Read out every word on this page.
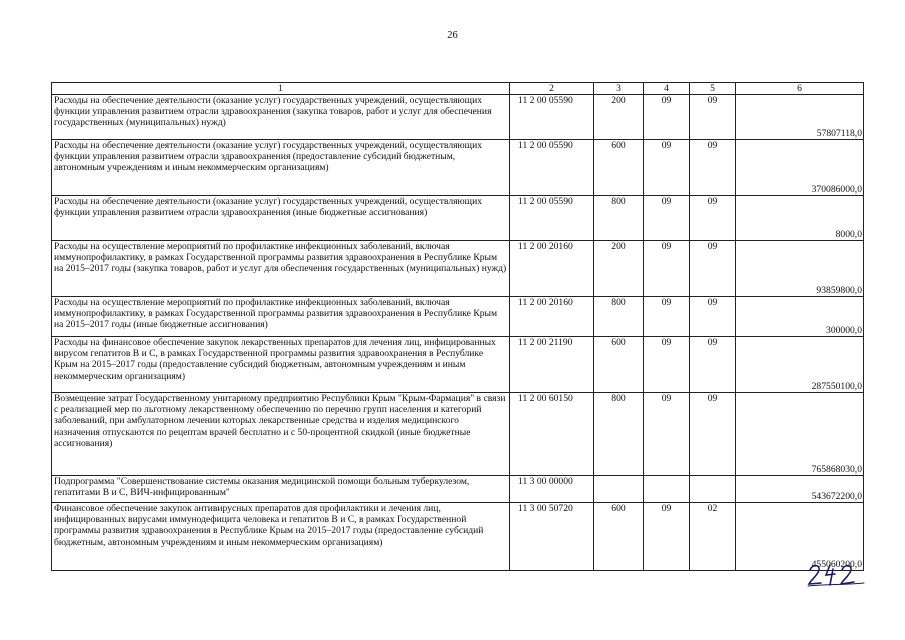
26
1	2	3	4	5	6
Расходы на обеспечение деятельности (оказание услуг) государственных учреждений, осуществляющих функции управления развитием отрасли здравоохранения (закупка товаров, работ и услуг для обеспечения государственных (муниципальных) нужд)	11 2 00 05590	200	09	09	57807118,0
Расходы на обеспечение деятельности (оказание услуг) государственных учреждений, осуществляющих функции управления развитием отрасли здравоохранения (предоставление субсидий бюджетным, автономным учреждениям и иным некоммерческим организациям)	11 2 00 05590	600	09	09	370086000,0
Расходы на обеспечение деятельности (оказание услуг) государственных учреждений, осуществляющих функции управления развитием отрасли здравоохранения (иные бюджетные ассигнования)	11 2 00 05590	800	09	09	8000,0
Расходы на осуществление мероприятий по профилактике инфекционных заболеваний, включая иммунопрофилактику, в рамках Государственной программы развития здравоохранения в Республике Крым на 2015–2017 годы (закупка товаров, работ и услуг для обеспечения государственных (муниципальных) нужд)	11 2 00 20160	200	09	09	93859800,0
Расходы на осуществление мероприятий по профилактике инфекционных заболеваний, включая иммунопрофилактику, в рамках Государственной программы развития здравоохранения в Республике Крым на 2015–2017 годы (иные бюджетные ассигнования)	11 2 00 20160	800	09	09	300000,0
Расходы на финансовое обеспечение закупок лекарственных препаратов для лечения лиц, инфицированных вирусом гепатитов В и С, в рамках Государственной программы развития здравоохранения в Республике Крым на 2015–2017 годы (предоставление субсидий бюджетным, автономным учреждениям и иным некоммерческим организациям)	11 2 00 21190	600	09	09	287550100,0
Возмещение затрат Государственному унитарному предприятию Республики Крым "Крым-Фармация" в связи с реализацией мер по льготному лекарственному обеспечению по перечню групп населения и категорий заболеваний, при амбулаторном лечении которых лекарственные средства и изделия медицинского назначения отпускаются по рецептам врачей бесплатно и с 50-процентной скидкой (иные бюджетные ассигнования)	11 2 00 60150	800	09	09	765868030,0
Подпрограмма "Совершенствование системы оказания медицинской помощи больным туберкулезом, гепатитами В и С, ВИЧ-инфицированным"	11 3 00 00000				543672200,0
Финансовое обеспечение закупок антивирусных препаратов для профилактики и лечения лиц, инфицированных вирусами иммунодефицита человека и гепатитов В и С, в рамках Государственной программы развития здравоохранения в Республике Крым на 2015–2017 годы (предоставление субсидий бюджетным, автономным учреждениям и иным некоммерческим организациям)	11 3 00 50720	600	09	02	455060200,0
